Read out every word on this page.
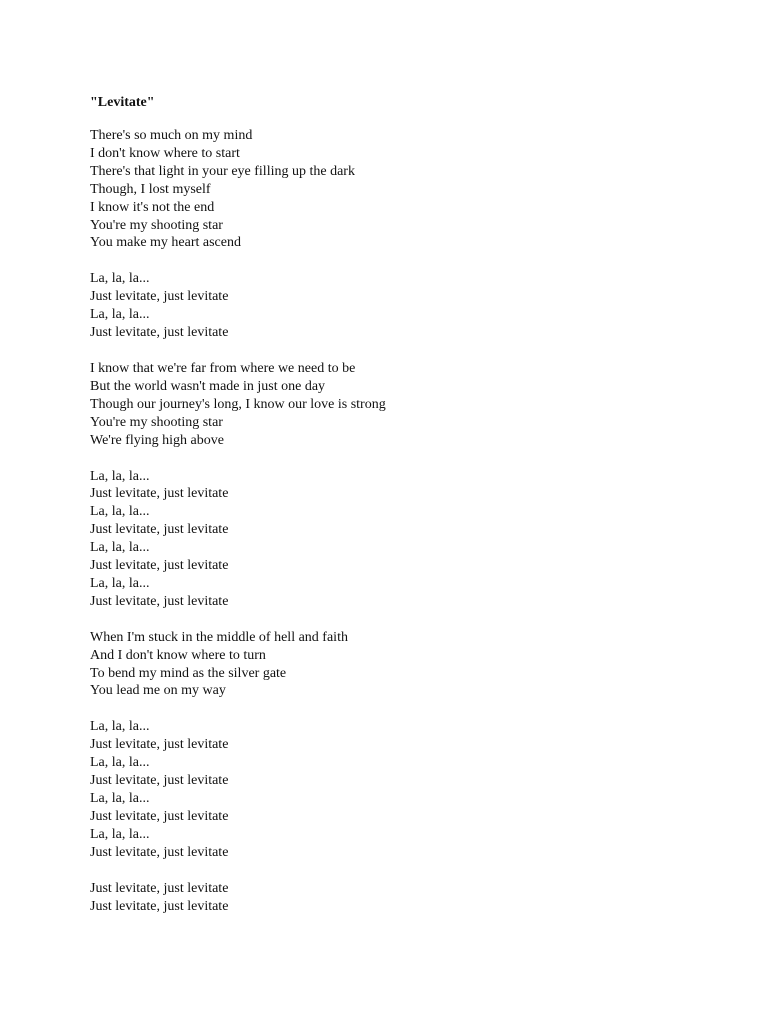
"Levitate"
There's so much on my mind
I don't know where to start
There's that light in your eye filling up the dark
Though, I lost myself
I know it's not the end
You're my shooting star
You make my heart ascend
La, la, la...
Just levitate, just levitate
La, la, la...
Just levitate, just levitate
I know that we're far from where we need to be
But the world wasn't made in just one day
Though our journey's long, I know our love is strong
You're my shooting star
We're flying high above
La, la, la...
Just levitate, just levitate
La, la, la...
Just levitate, just levitate
La, la, la...
Just levitate, just levitate
La, la, la...
Just levitate, just levitate
When I'm stuck in the middle of hell and faith
And I don't know where to turn
To bend my mind as the silver gate
You lead me on my way
La, la, la...
Just levitate, just levitate
La, la, la...
Just levitate, just levitate
La, la, la...
Just levitate, just levitate
La, la, la...
Just levitate, just levitate
Just levitate, just levitate
Just levitate, just levitate
